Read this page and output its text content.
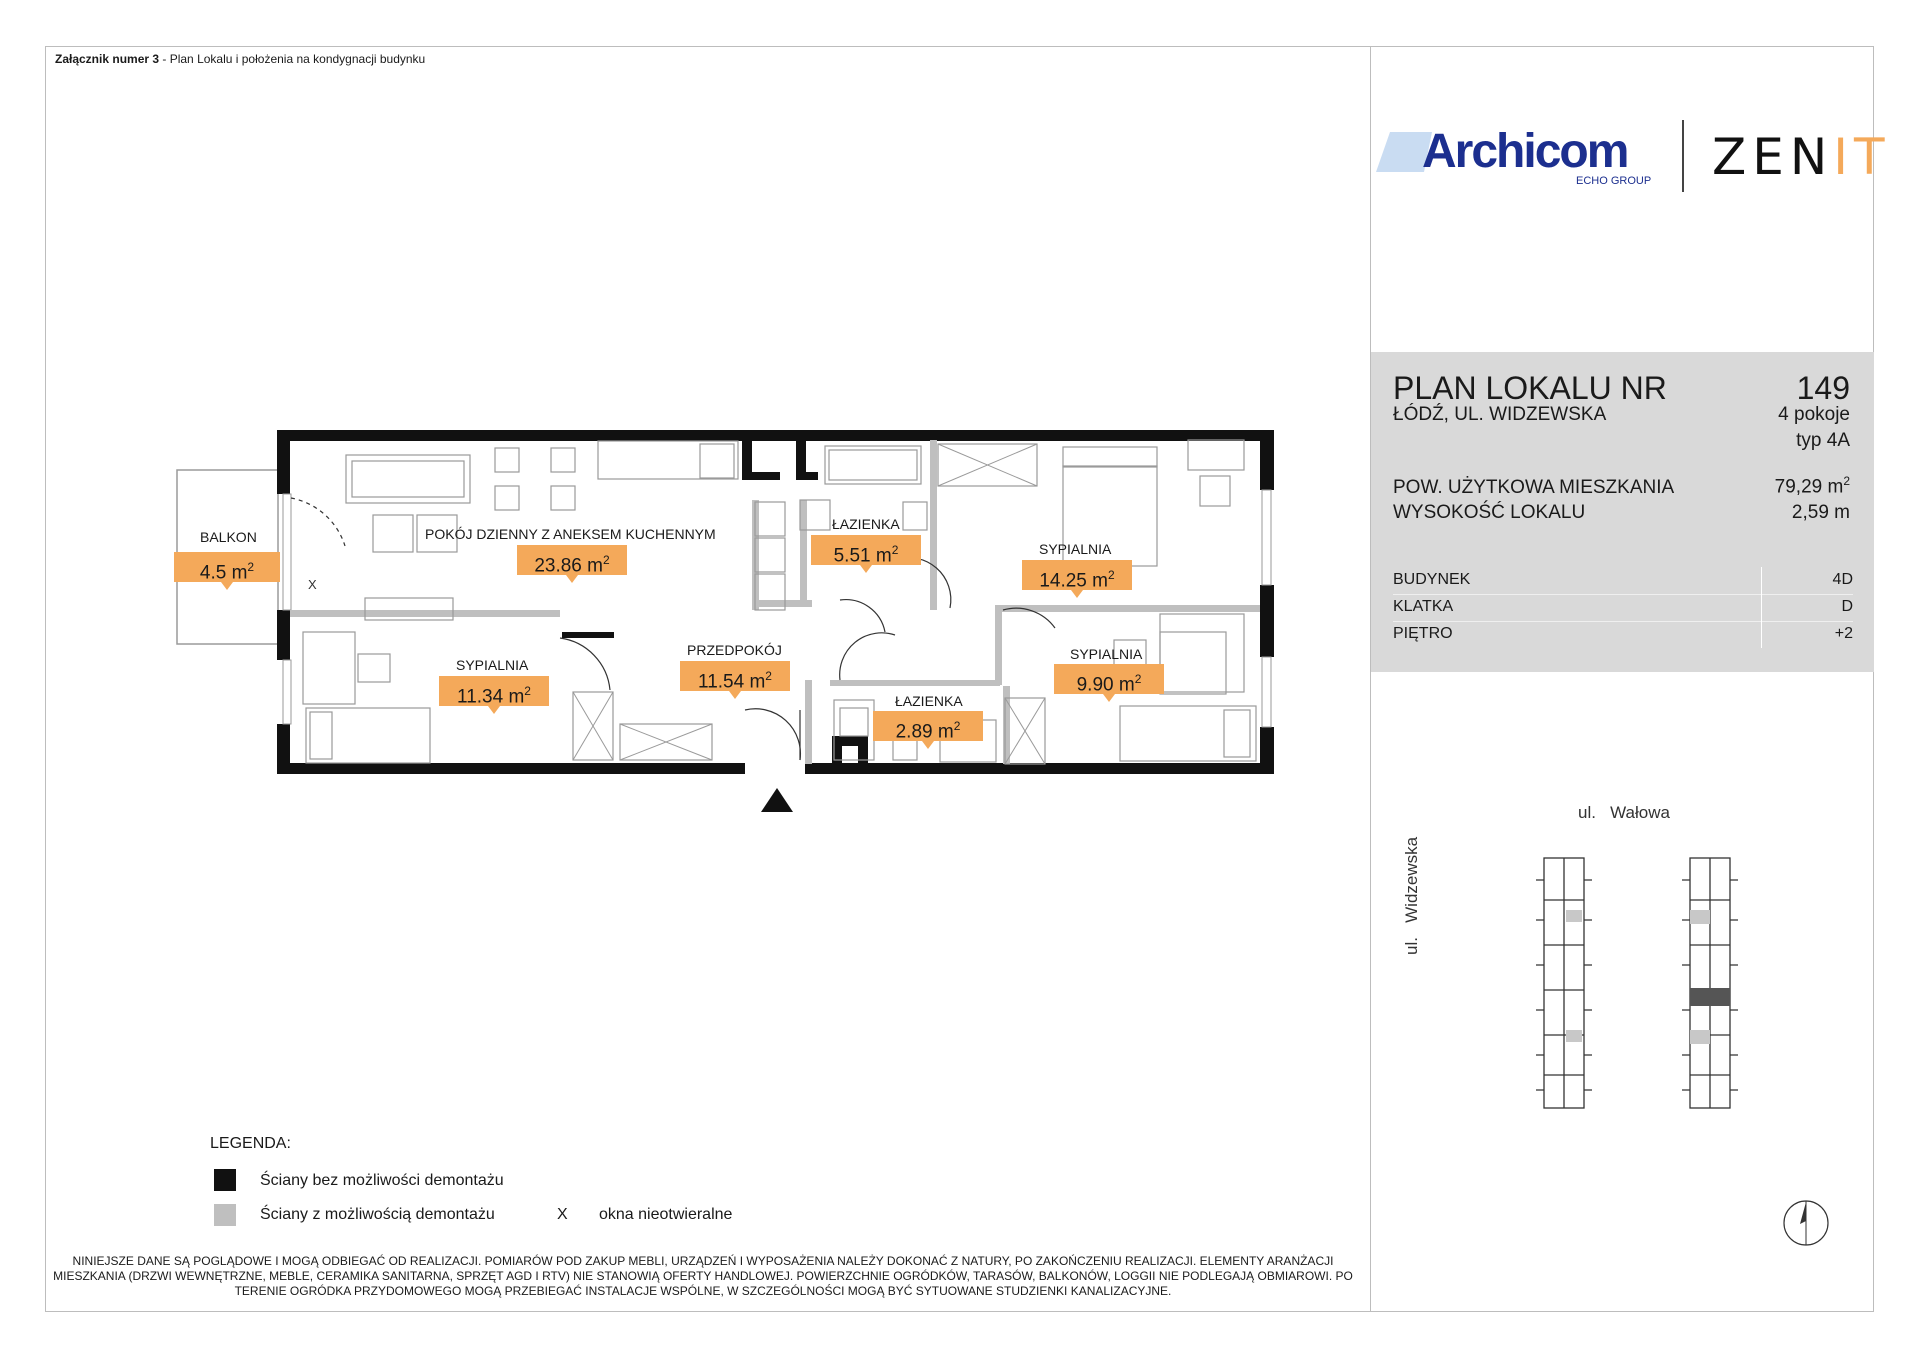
Załącznik numer 3 - Plan Lokalu i położenia na kondygnacji budynku
X
BALKON
4.5 $m^2$
POKÓJ DZIENNY Z ANEKSEM KUCHENNYM
23.86 $m^2$
ŁAZIENKA
5.51 $m^2$	SYPIALNIA
14.25 $m^2$
SYPIALNIA
11.34 $m^2$
PRZEDPOKÓJ
11.54 $m^2$
ŁAZIENKA
2.89 $m^2$
SYPIALNIA
9.90 $m^2$
Archicom
ECHO GROUP ZENIT
PLAN LOKALU NR	149
ŁÓDŹ, UL. WIDZEWSKA	4 pokoje
typ 4A
POW. UŻYTKOWA MIESZKANIA	79,29 $m^2$
WYSOKOŚĆ LOKALU	2,59 m
BUDYNEK	4D
KLATKA	D
PIĘTRO	+2
ul.   Wałowa
ul.   Widzewska
LEGENDA:
Ściany bez możliwości demontażu
Ściany z możliwością demontażu	X okna nieotwieralne
NINIEJSZE DANE SĄ POGLĄDOWE I MOGĄ ODBIEGAĆ OD REALIZACJI. POMIARÓW POD ZAKUP MEBLI, URZĄDZEŃ I WYPOSAŻENIA NALEŻY DOKONAĆ Z NATURY, PO ZAKOŃCZENIU REALIZACJI. ELEMENTY ARANŻACJI MIESZKANIA (DRZWI WEWNĘTRZNE, MEBLE, CERAMIKA SANITARNA, SPRZĘT AGD I RTV) NIE STANOWIĄ OFERTY HANDLOWEJ. POWIERZCHNIE OGRÓDKÓW, TARASÓW, BALKONÓW, LOGGII NIE PODLEGAJĄ OBMIAROWI. PO TERENIE OGRÓDKA PRZYDOMOWEGO MOGĄ PRZEBIEGAĆ INSTALACJE WSPÓLNE, W SZCZEGÓLNOŚCI MOGĄ BYĆ SYTUOWANE STUDZIENKI KANALIZACYJNE.
